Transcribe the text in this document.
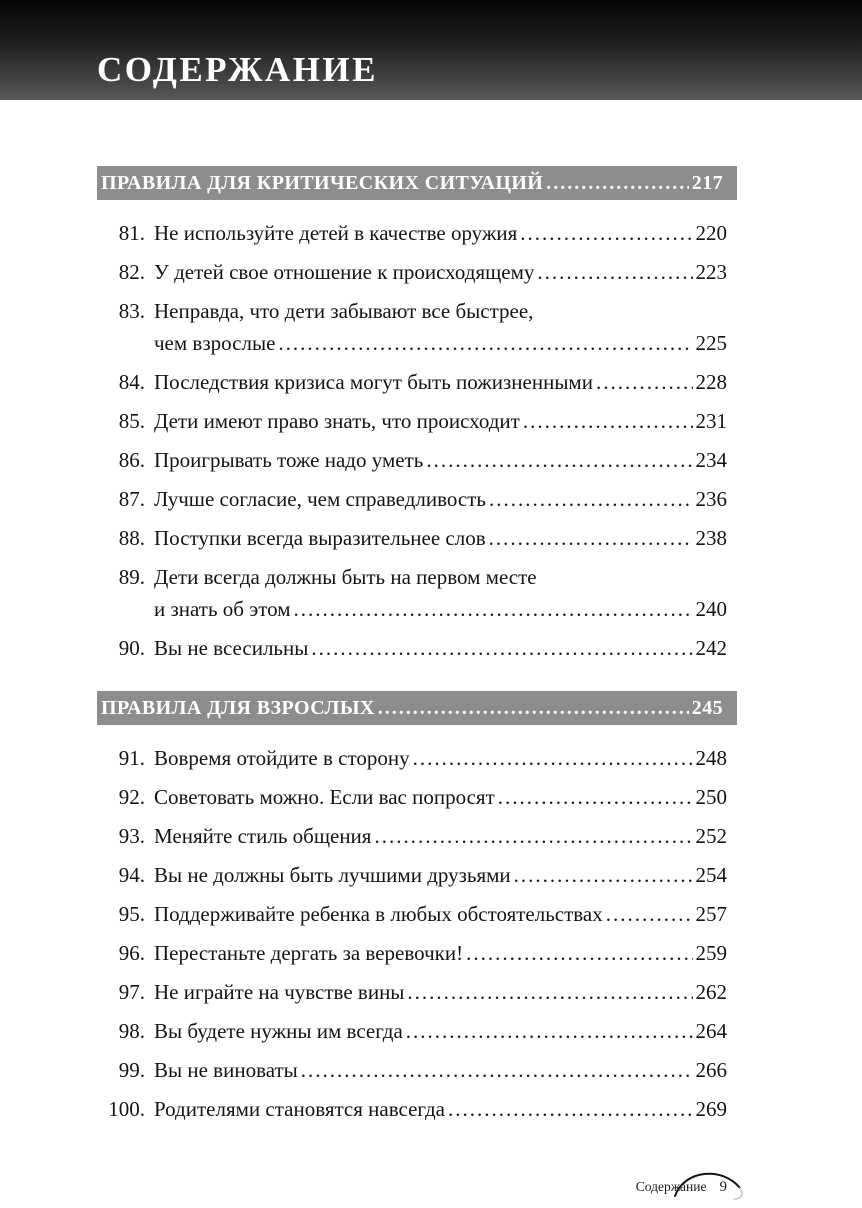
СОДЕРЖАНИЕ
ПРАВИЛА ДЛЯ КРИТИЧЕСКИХ СИТУАЦИЙ .....	217
81. Не используйте детей в качестве оружия .....	220
82. У детей свое отношение к происходящему .....	223
83. Неправда, что дети забывают все быстрее,
чем взрослые .....	225
84. Последствия кризиса могут быть пожизненными .....	228
85. Дети имеют право знать, что происходит .....	231
86. Проигрывать тоже надо уметь .....	234
87. Лучше согласие, чем справедливость .....	236
88. Поступки всегда выразительнее слов .....	238
89. Дети всегда должны быть на первом месте
и знать об этом .....	240
90. Вы не всесильны .....	242
ПРАВИЛА ДЛЯ ВЗРОСЛЫХ .....	245
91. Вовремя отойдите в сторону .....	248
92. Советовать можно. Если вас попросят .....	250
93. Меняйте стиль общения .....	252
94. Вы не должны быть лучшими друзьями .....	254
95. Поддерживайте ребенка в любых обстоятельствах .....	257
96. Перестаньте дергать за веревочки! .....	259
97. Не играйте на чувстве вины .....	262
98. Вы будете нужны им всегда .....	264
99. Вы не виноваты .....	266
100. Родителями становятся навсегда .....	269
Содержание 9
